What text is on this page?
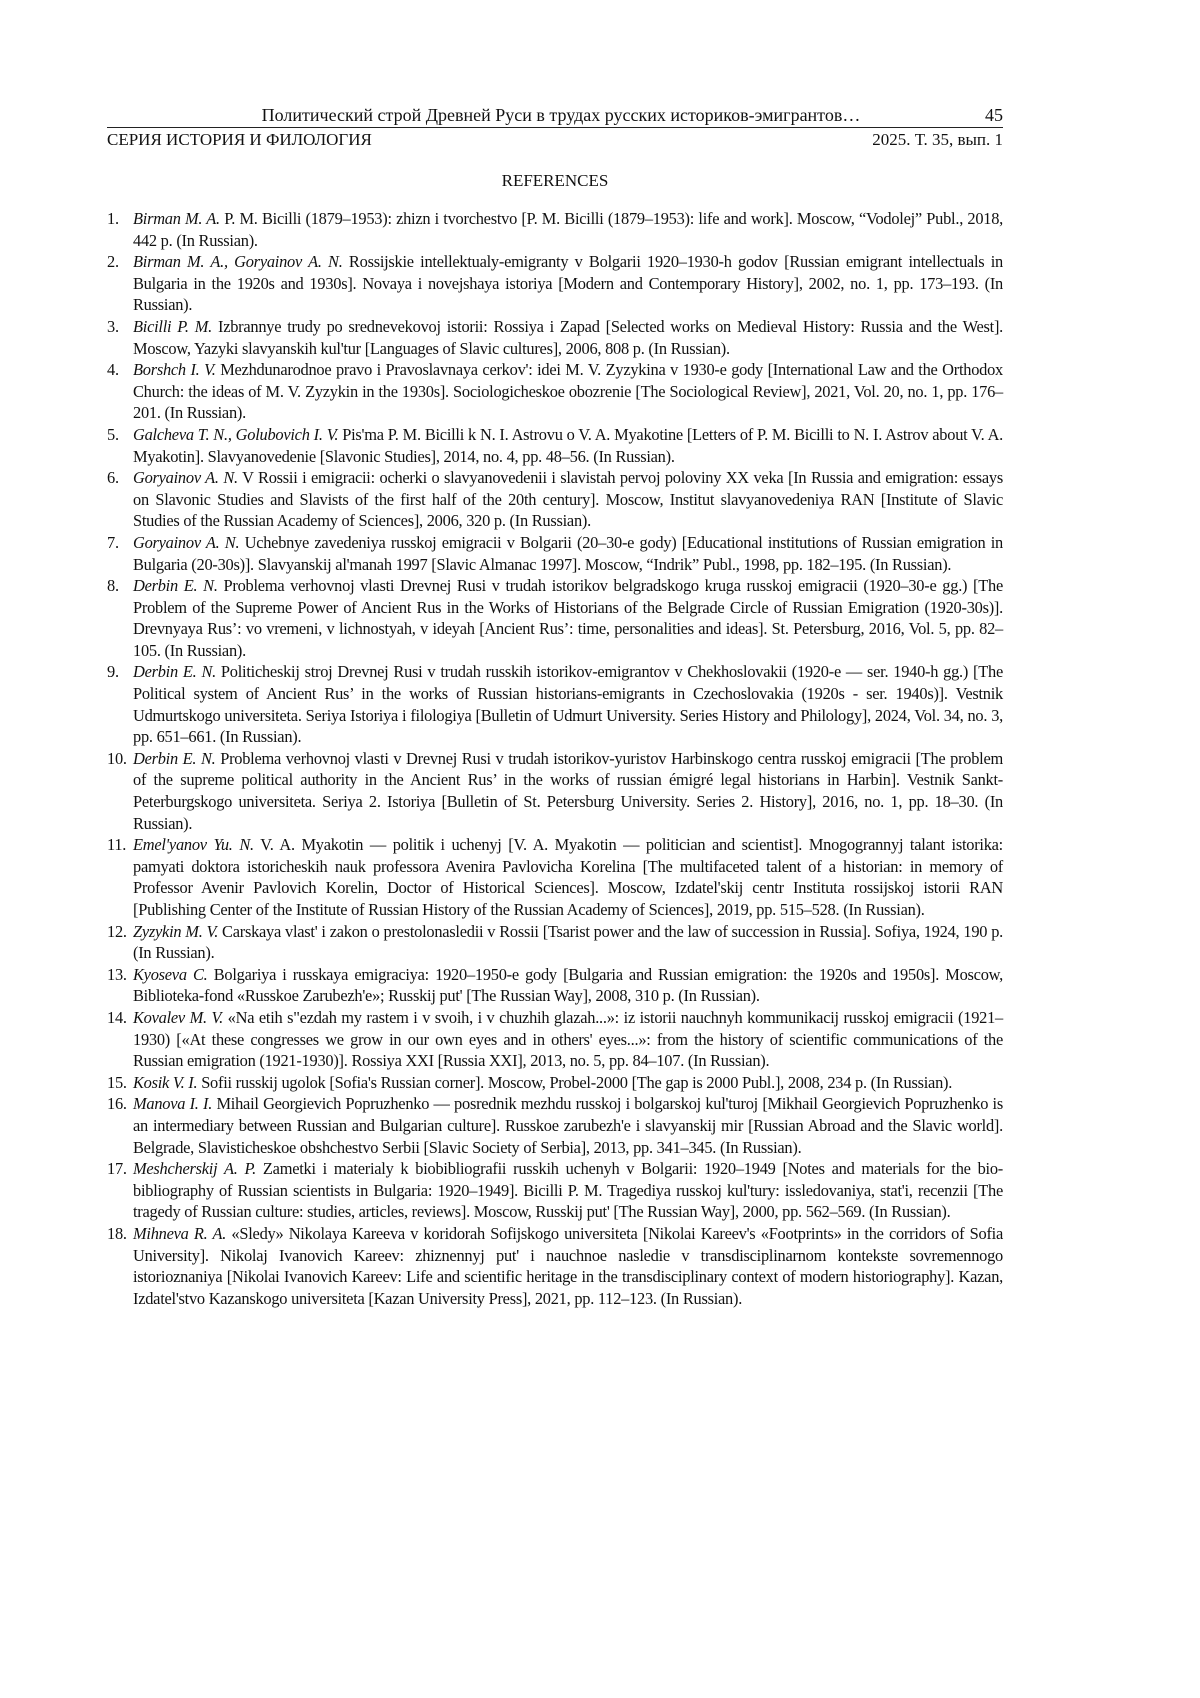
Политический строй Древней Руси в трудах русских историков-эмигрантов…	45
СЕРИЯ ИСТОРИЯ И ФИЛОЛОГИЯ	2025. Т. 35, вып. 1
REFERENCES
1. Birman M. A. P. M. Bicilli (1879–1953): zhizn i tvorchestvo [P. M. Bicilli (1879–1953): life and work]. Moscow, “Vodolej” Publ., 2018, 442 p. (In Russian).
2. Birman M. A., Goryainov A. N. Rossijskie intellektualy-emigranty v Bolgarii 1920–1930-h godov [Russian emigrant intellectuals in Bulgaria in the 1920s and 1930s]. Novaya i novejshaya istoriya [Modern and Contemporary History], 2002, no. 1, pp. 173–193. (In Russian).
3. Bicilli P. M. Izbrannye trudy po srednevekovoj istorii: Rossiya i Zapad [Selected works on Medieval History: Russia and the West]. Moscow, Yazyki slavyanskih kul'tur [Languages of Slavic cultures], 2006, 808 p. (In Russian).
4. Borshch I. V. Mezhdunarodnoe pravo i Pravoslavnaya cerkov': idei M. V. Zyzykina v 1930-e gody [International Law and the Orthodox Church: the ideas of M. V. Zyzykin in the 1930s]. Sociologicheskoe obozrenie [The Sociological Review], 2021, Vol. 20, no. 1, pp. 176–201. (In Russian).
5. Galcheva T. N., Golubovich I. V. Pis'ma P. M. Bicilli k N. I. Astrovu o V. A. Myakotine [Letters of P. M. Bicilli to N. I. Astrov about V. A. Myakotin]. Slavyanovedenie [Slavonic Studies], 2014, no. 4, pp. 48–56. (In Russian).
6. Goryainov A. N. V Rossii i emigracii: ocherki o slavyanovedenii i slavistah pervoj poloviny XX veka [In Russia and emigration: essays on Slavonic Studies and Slavists of the first half of the 20th century]. Moscow, Institut slavyanovedeniya RAN [Institute of Slavic Studies of the Russian Academy of Sciences], 2006, 320 p. (In Russian).
7. Goryainov A. N. Uchebnye zavedeniya russkoj emigracii v Bolgarii (20–30-e gody) [Educational institutions of Russian emigration in Bulgaria (20-30s)]. Slavyanskij al'manah 1997 [Slavic Almanac 1997]. Moscow, “Indrik” Publ., 1998, pp. 182–195. (In Russian).
8. Derbin E. N. Problema verhovnoj vlasti Drevnej Rusi v trudah istorikov belgradskogo kruga russkoj emigracii (1920–30-e gg.) [The Problem of the Supreme Power of Ancient Rus in the Works of Historians of the Belgrade Circle of Russian Emigration (1920-30s)]. Drevnyaya Rus’: vo vremeni, v lichnostyah, v ideyah [Ancient Rus’: time, personalities and ideas]. St. Petersburg, 2016, Vol. 5, pp. 82–105. (In Russian).
9. Derbin E. N. Politicheskij stroj Drevnej Rusi v trudah russkih istorikov-emigrantov v Chekhoslovakii (1920-e — ser. 1940-h gg.) [The Political system of Ancient Rus’ in the works of Russian historians-emigrants in Czechoslovakia (1920s - ser. 1940s)]. Vestnik Udmurtskogo universiteta. Seriya Istoriya i filologiya [Bulletin of Udmurt University. Series History and Philology], 2024, Vol. 34, no. 3, pp. 651–661. (In Russian).
10. Derbin E. N. Problema verhovnoj vlasti v Drevnej Rusi v trudah istorikov-yuristov Harbinskogo centra russkoj emigracii [The problem of the supreme political authority in the Ancient Rus’ in the works of russian émigré legal historians in Harbin]. Vestnik Sankt-Peterburgskogo universiteta. Seriya 2. Istoriya [Bulletin of St. Petersburg University. Series 2. History], 2016, no. 1, pp. 18–30. (In Russian).
11. Emel'yanov Yu. N. V. A. Myakotin — politik i uchenyj [V. A. Myakotin — politician and scientist]. Mnogogrannyj talant istorika: pamyati doktora istoricheskih nauk professora Avenira Pavlovicha Korelina [The multifaceted talent of a historian: in memory of Professor Avenir Pavlovich Korelin, Doctor of Historical Sciences]. Moscow, Izdatel'skij centr Instituta rossijskoj istorii RAN [Publishing Center of the Institute of Russian History of the Russian Academy of Sciences], 2019, pp. 515–528. (In Russian).
12. Zyzykin M. V. Carskaya vlast' i zakon o prestolonasledii v Rossii [Tsarist power and the law of succession in Russia]. Sofiya, 1924, 190 p. (In Russian).
13. Kyoseva C. Bolgariya i russkaya emigraciya: 1920–1950-e gody [Bulgaria and Russian emigration: the 1920s and 1950s]. Moscow, Biblioteka-fond «Russkoe Zarubezh'e»; Russkij put' [The Russian Way], 2008, 310 p. (In Russian).
14. Kovalev M. V. «Na etih s"ezdah my rastem i v svoih, i v chuzhih glazah...»: iz istorii nauchnyh kommunikacij russkoj emigracii (1921–1930) [«At these congresses we grow in our own eyes and in others' eyes...»: from the history of scientific communications of the Russian emigration (1921-1930)]. Rossiya XXI [Russia XXI], 2013, no. 5, pp. 84–107. (In Russian).
15. Kosik V. I. Sofii russkij ugolok [Sofia's Russian corner]. Moscow, Probel-2000 [The gap is 2000 Publ.], 2008, 234 p. (In Russian).
16. Manova I. I. Mihail Georgievich Popruzhenko — posrednik mezhdu russkoj i bolgarskoj kul'turoj [Mikhail Georgievich Popruzhenko is an intermediary between Russian and Bulgarian culture]. Russkoe zarubezh'e i slavyanskij mir [Russian Abroad and the Slavic world]. Belgrade, Slavisticheskoe obshchestvo Serbii [Slavic Society of Serbia], 2013, pp. 341–345. (In Russian).
17. Meshcherskij A. P. Zametki i materialy k biobibliografii russkih uchenyh v Bolgarii: 1920–1949 [Notes and materials for the bio-bibliography of Russian scientists in Bulgaria: 1920–1949]. Bicilli P. M. Tragediya russkoj kul'tury: issledovaniya, stat'i, recenzii [The tragedy of Russian culture: studies, articles, reviews]. Moscow, Russkij put' [The Russian Way], 2000, pp. 562–569. (In Russian).
18. Mihneva R. A. «Sledy» Nikolaya Kareeva v koridorah Sofijskogo universiteta [Nikolai Kareev's «Footprints» in the corridors of Sofia University]. Nikolaj Ivanovich Kareev: zhiznennyj put' i nauchnoe nasledie v transdisciplinarnom kontekste sovremennogo istorioznaniya [Nikolai Ivanovich Kareev: Life and scientific heritage in the transdisciplinary context of modern historiography]. Kazan, Izdatel'stvo Kazanskogo universiteta [Kazan University Press], 2021, pp. 112–123. (In Russian).
